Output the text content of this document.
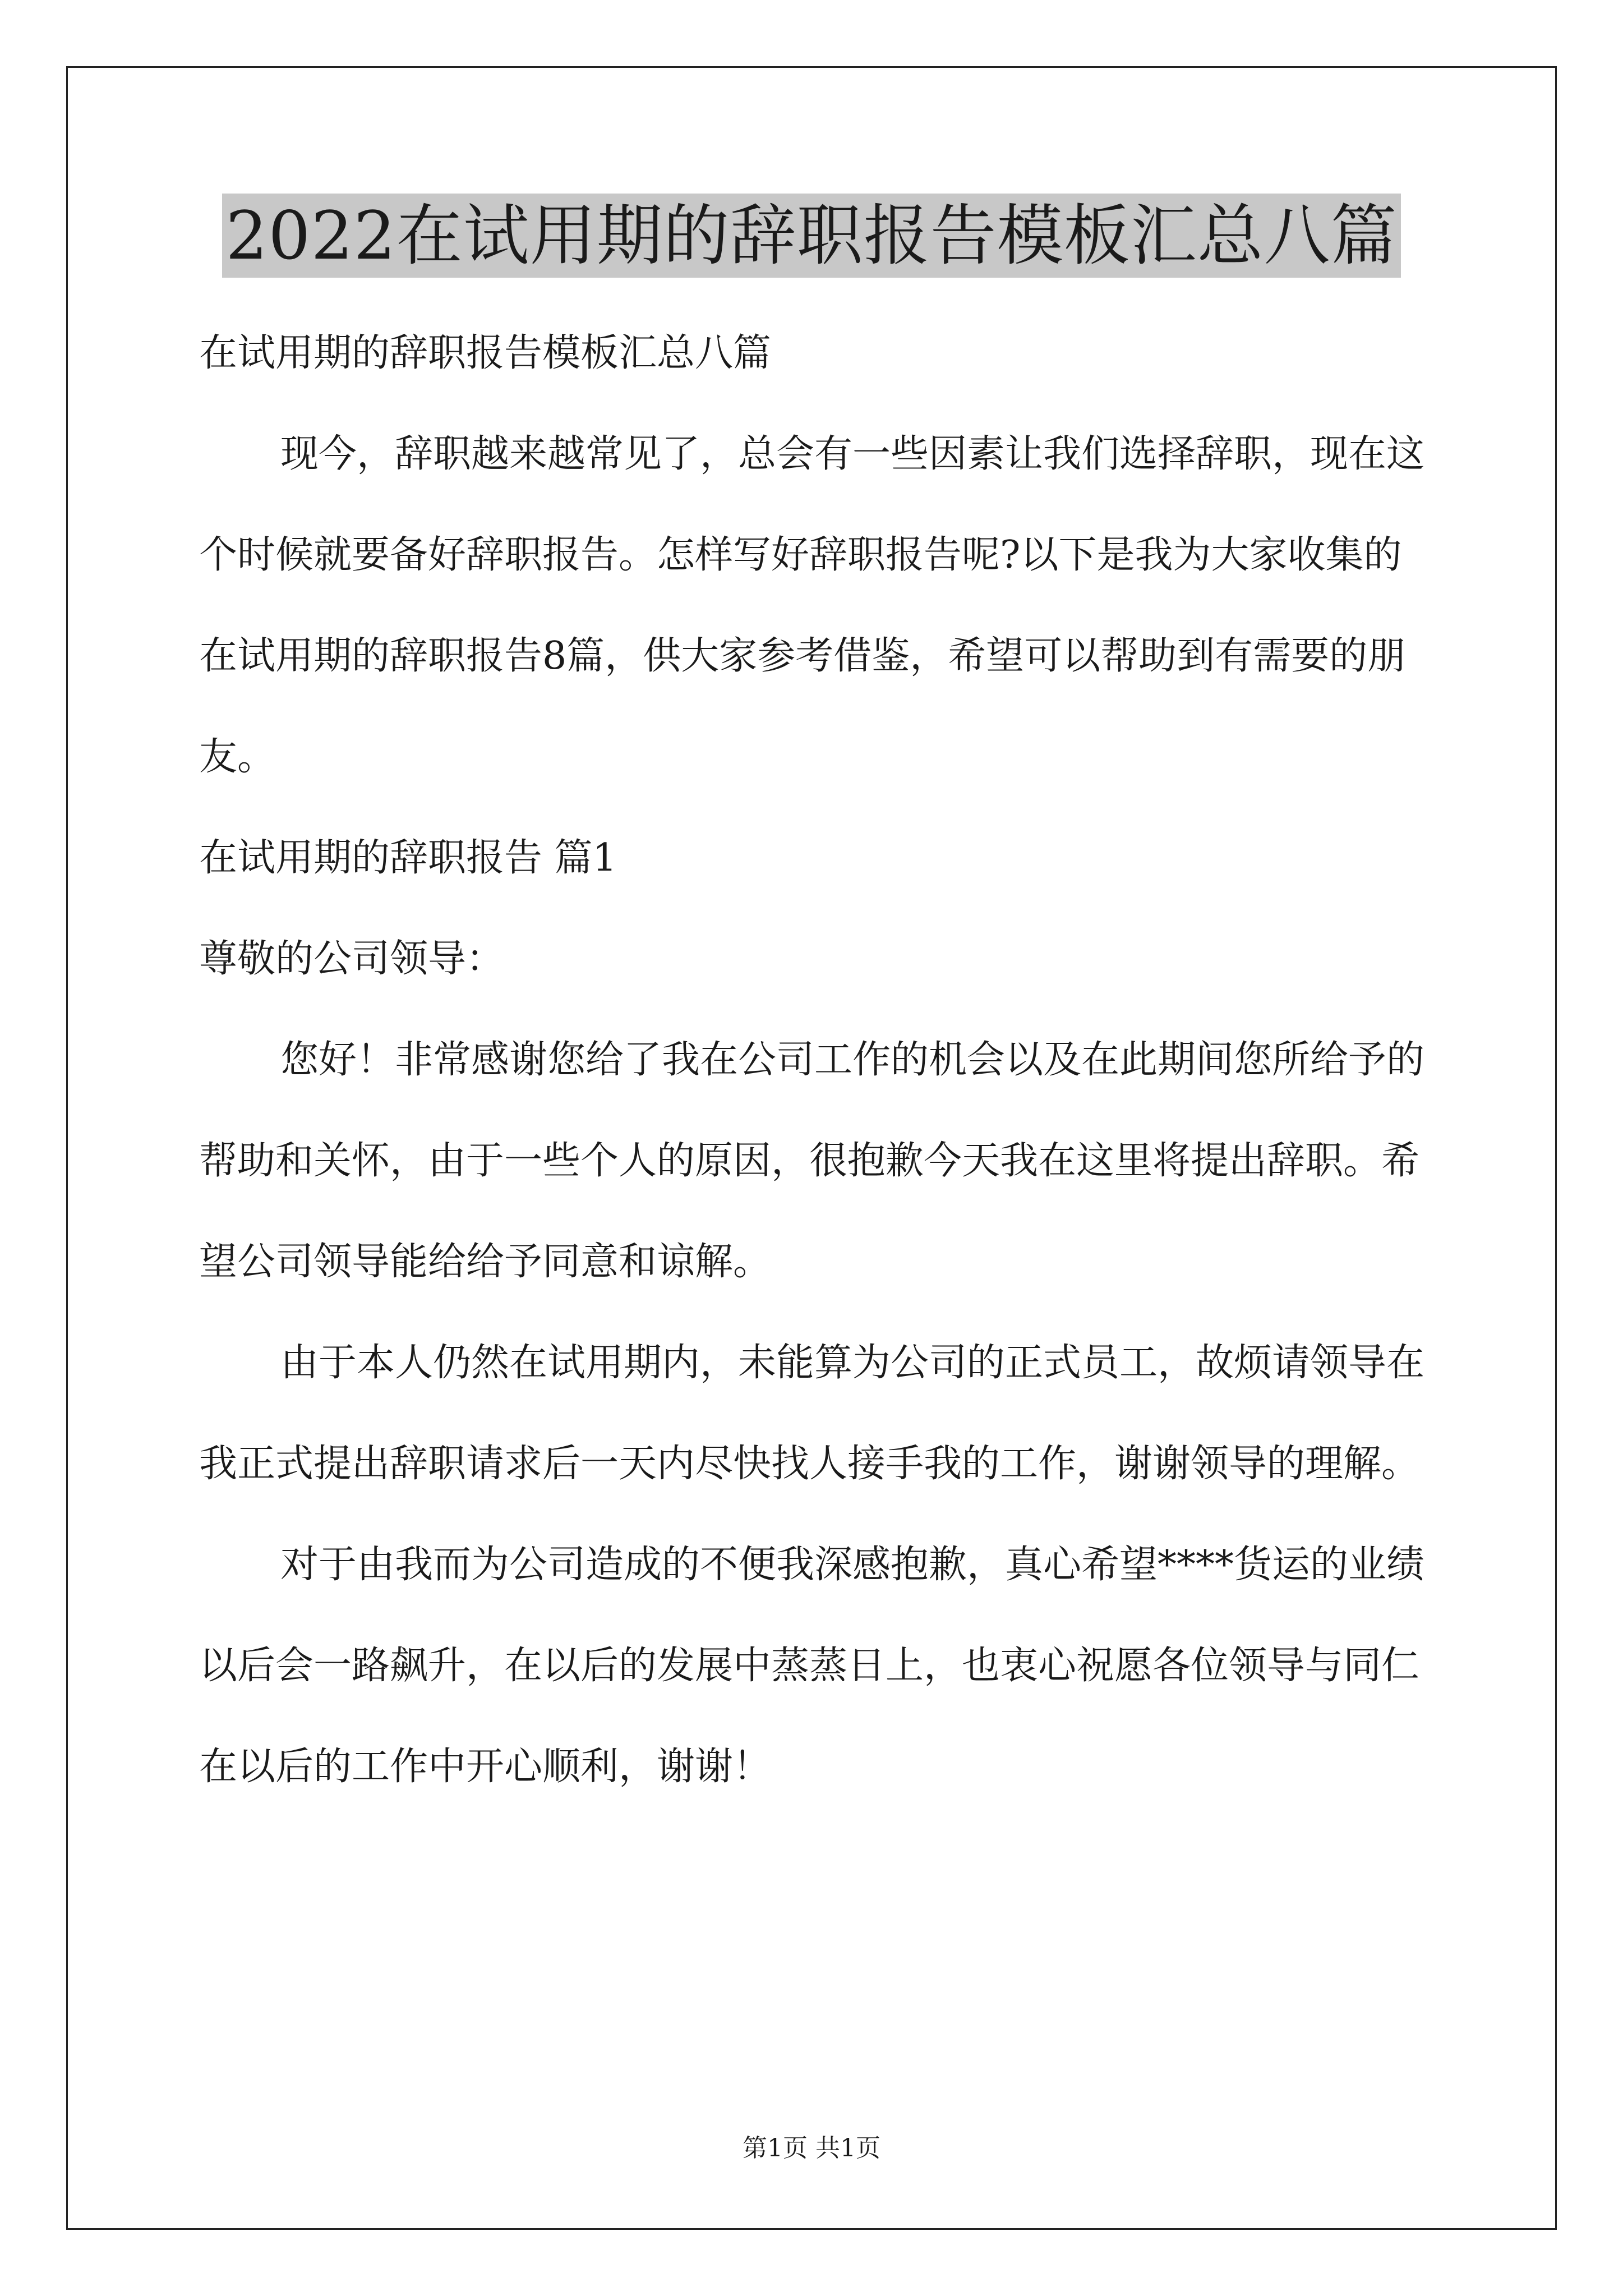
2022在试用期的辞职报告模板汇总八篇

在试用期的辞职报告模板汇总八篇

现今，辞职越来越常见了，总会有一些因素让我们选择辞职，现在这个时候就要备好辞职报告。怎样写好辞职报告呢?以下是我为大家收集的在试用期的辞职报告8篇，供大家参考借鉴，希望可以帮助到有需要的朋友。

在试用期的辞职报告 篇1

尊敬的公司领导：

您好！非常感谢您给了我在公司工作的机会以及在此期间您所给予的帮助和关怀，由于一些个人的原因，很抱歉今天我在这里将提出辞职。希望公司领导能给给予同意和谅解。

由于本人仍然在试用期内，未能算为公司的正式员工，故烦请领导在我正式提出辞职请求后一天内尽快找人接手我的工作，谢谢领导的理解。

对于由我而为公司造成的不便我深感抱歉，真心希望****货运的业绩以后会一路飙升，在以后的发展中蒸蒸日上，也衷心祝愿各位领导与同仁在以后的工作中开心顺利，谢谢！

第1页 共1页
